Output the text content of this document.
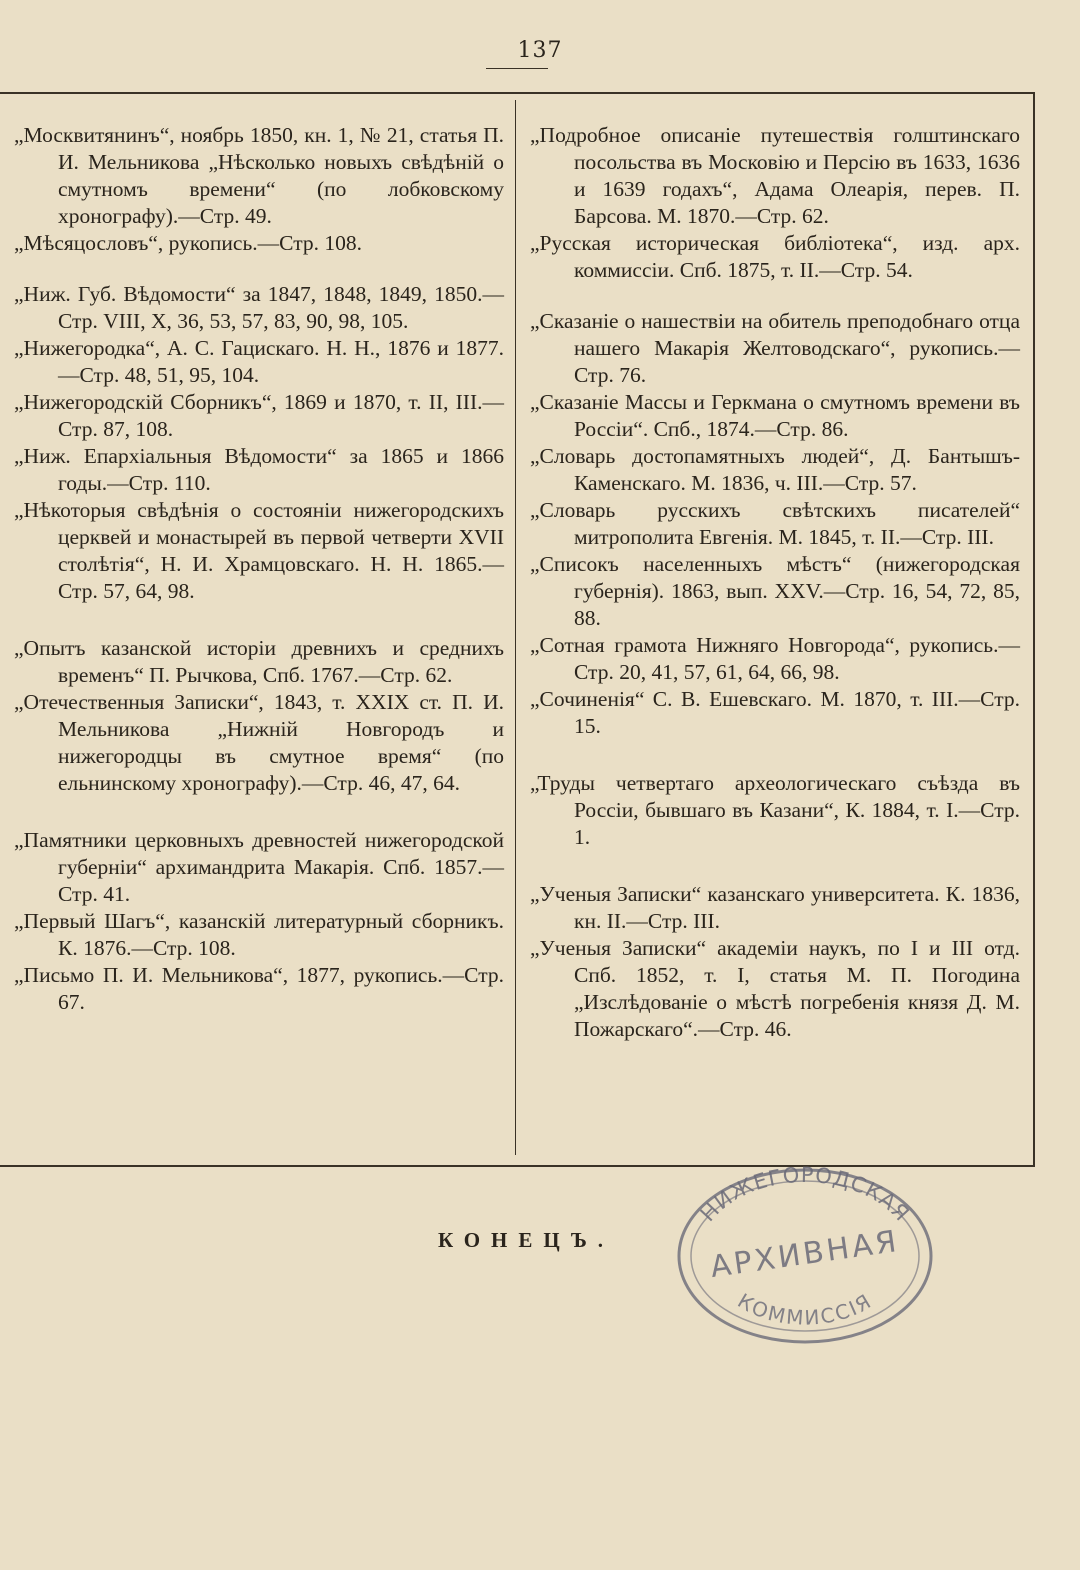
137

„Москвитянинъ“, ноябрь 1850, кн. 1, № 21, статья П. И. Мельникова „Нѣсколько новыхъ свѣдѣній о смутномъ времени“ (по лобковскому хронографу).—Стр. 49.

„Мѣсяцословъ“, рукопись.—Стр. 108.

„Ниж. Губ. Вѣдомости“ за 1847, 1848, 1849, 1850.—Стр. VIII, X, 36, 53, 57, 83, 90, 98, 105.

„Нижегородка“, А. С. Гацискаго. Н. Н., 1876 и 1877.—Стр. 48, 51, 95, 104.

„Нижегородскій Сборникъ“, 1869 и 1870, т. II, III.—Стр. 87, 108.

„Ниж. Епархіальныя Вѣдомости“ за 1865 и 1866 годы.—Стр. 110.

„Нѣкоторыя свѣдѣнія о состояніи нижегородскихъ церквей и монастырей въ первой четверти XVII столѣтія“, Н. И. Храмцовскаго. Н. Н. 1865.—Стр. 57, 64, 98.

„Опытъ казанской исторіи древнихъ и среднихъ временъ“ П. Рычкова, Спб. 1767.—Стр. 62.

„Отечественныя Записки“, 1843, т. XXIX ст. П. И. Мельникова „Нижній Новгородъ и нижегородцы въ смутное время“ (по ельнинскому хронографу).—Стр. 46, 47, 64.

„Памятники церковныхъ древностей нижегородской губерніи“ архимандрита Макарія. Спб. 1857.—Стр. 41.

„Первый Шагъ“, казанскій литературный сборникъ. К. 1876.—Стр. 108.

„Письмо П. И. Мельникова“, 1877, рукопись.—Стр. 67.

„Подробное описаніе путешествія голштинскаго посольства въ Московію и Персію въ 1633, 1636 и 1639 годахъ“, Адама Олеарія, перев. П. Барсова. М. 1870.—Стр. 62.

„Русская историческая библіотека“, изд. арх. коммиссіи. Спб. 1875, т. II.—Стр. 54.

„Сказаніе о нашествіи на обитель преподобнаго отца нашего Макарія Желтоводскаго“, рукопись.—Стр. 76.

„Сказаніе Массы и Геркмана о смутномъ времени въ Россіи“. Спб., 1874.—Стр. 86.

„Словарь достопамятныхъ людей“, Д. Бантышъ-Каменскаго. М. 1836, ч. III.—Стр. 57.

„Словарь русскихъ свѣтскихъ писателей“ митрополита Евгенія. М. 1845, т. II.—Стр. III.

„Списокъ населенныхъ мѣстъ“ (нижегородская губернія). 1863, вып. XXV.—Стр. 16, 54, 72, 85, 88.

„Сотная грамота Нижняго Новгорода“, рукопись.—Стр. 20, 41, 57, 61, 64, 66, 98.

„Сочиненія“ С. В. Ешевскаго. М. 1870, т. III.—Стр. 15.

„Труды четвертаго археологическаго съѣзда въ Россіи, бывшаго въ Казани“, К. 1884, т. I.—Стр. 1.

„Ученыя Записки“ казанскаго университета. К. 1836, кн. II.—Стр. III.

„Ученыя Записки“ академіи наукъ, по I и III отд. Спб. 1852, т. I, статья М. П. Погодина „Изслѣдованіе о мѣстѣ погребенія князя Д. М. Пожарскаго“.—Стр. 46.

КОНЕЦЪ.
НИЖЕГОРОДСКАЯ
АРХИВНАЯ
КОММИССІЯ
